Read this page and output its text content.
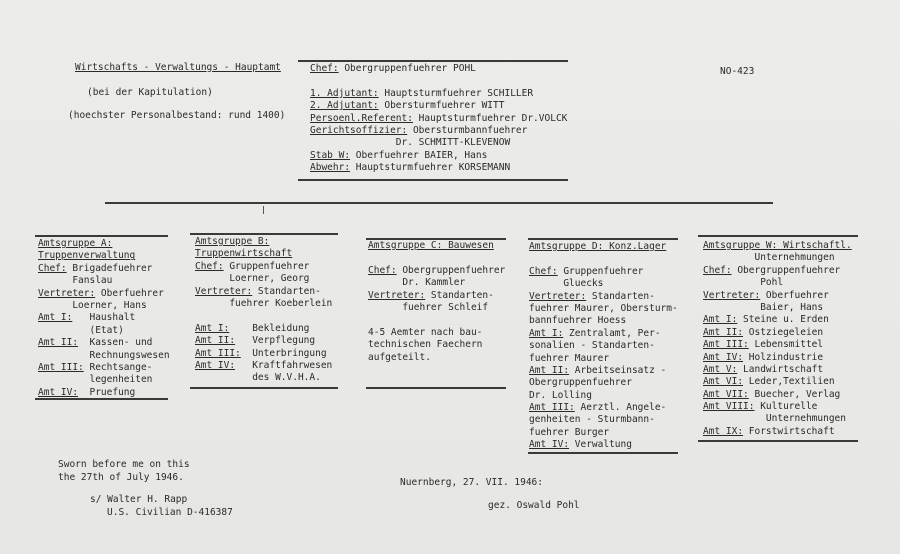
Wirtschafts - Verwaltungs - Hauptamt
(bei der Kapitulation)
(hoechster Personalbestand: rund 1400)
NO-423
Chef: Obergruppenfuehrer POHL
1. Adjutant: Hauptsturmfuehrer SCHILLER
2. Adjutant: Obersturmfuehrer WITT
Persoenl.Referent: Hauptsturmfuehrer Dr.VOLCK
Gerichtsoffizier: Obersturmbannfuehrer
Dr. SCHMITT-KLEVENOW
Stab W: Oberfuehrer BAIER, Hans
Abwehr: Hauptsturmfuehrer KORSEMANN
Amtsgruppe A:
Truppenverwaltung
Chef: Brigadefuehrer
Fanslau
Vertreter: Oberfuehrer
Loerner, Hans
Amt I:   Haushalt
(Etat)
Amt II:  Kassen- und
Rechnungswesen
Amt III: Rechtsange-
legenheiten
Amt IV:  Pruefung
Amtsgruppe B:
Truppenwirtschaft
Chef: Gruppenfuehrer
Loerner, Georg
Vertreter: Standarten-
fuehrer Koeberlein
Amt I:    Bekleidung
Amt II:   Verpflegung
Amt III:  Unterbringung
Amt IV:   Kraftfahrwesen
des W.V.H.A.
Amtsgruppe C: Bauwesen
Chef: Obergruppenfuehrer
Dr. Kammler
Vertreter: Standarten-
fuehrer Schleif
4-5 Aemter nach bau-
technischen Faechern
aufgeteilt.
Amtsgruppe D: Konz.Lager
Chef: Gruppenfuehrer
Gluecks
Vertreter: Standarten-
fuehrer Maurer, Obersturm-
bannfuehrer Hoess
Amt I: Zentralamt, Per-
sonalien - Standarten-
fuehrer Maurer
Amt II: Arbeitseinsatz -
Obergruppenfuehrer
Dr. Lolling
Amt III: Aerztl. Angele-
genheiten - Sturmbann-
fuehrer Burger
Amt IV: Verwaltung
Amtsgruppe W: Wirtschaftl.
Unternehmungen
Chef: Obergruppenfuehrer
Pohl
Vertreter: Oberfuehrer
Baier, Hans
Amt I: Steine u. Erden
Amt II: Ostziegeleien
Amt III: Lebensmittel
Amt IV: Holzindustrie
Amt V: Landwirtschaft
Amt VI: Leder,Textilien
Amt VII: Buecher, Verlag
Amt VIII: Kulturelle
Unternehmungen
Amt IX: Forstwirtschaft
Sworn before me on this
the 27th of July 1946.
s/ Walter H. Rapp
U.S. Civilian D-416387
Nuernberg, 27. VII. 1946:
gez. Oswald Pohl
